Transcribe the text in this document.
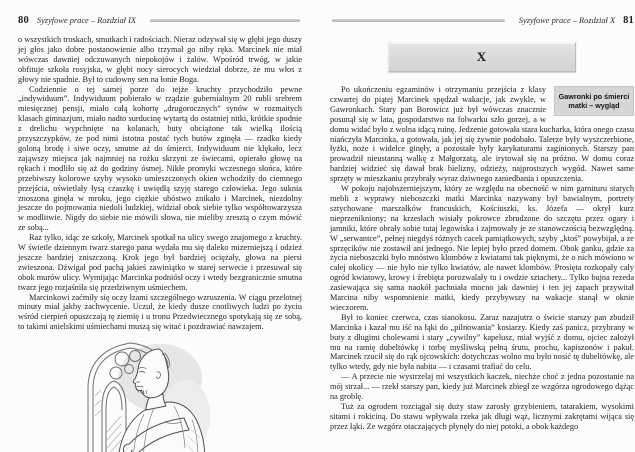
80 Syzyfowe prace – Rozdział IX

o wszystkich troskach, smutkach i radościach. Nieraz odzywał się w głębi jego duszy jej głos jako dobre postanowienie albo trzymał go niby ręka. Marcinek nie miał wówczas dawniej odczuwanych niepokojów i żalów. Wpośród trwóg, w jakie obfituje szkoła rosyjska, w głębi nocy sierocych wiedział dobrze, że mu włos z głowy nie spadnie. Był to cudowny sen na łonie Boga.

Codziennie o tej samej porze do tejże kruchty przychodziło pewne „indywiduum”. Indywiduum pobierało w rządzie gubernialnym 20 rubli srebrem miesięcznej pensji, miało całą kohortę „drugorocznych” synów w rozmaitych klasach gimnazjum, miało nadto surducinę wytartą do ostatniej nitki, krótkie spodnie z drelichu wypchnięte na kolanach, buty obciążone tak wielką ilością przyszczypków, że pod nimi istotna postać tych butów zginęła — rzadko kiedy goloną brodę i siwe oczy, smutne aż do śmierci. Indywiduum nie klękało, lecz zająwszy miejsca jak najmniej na rożku skrzyni ze świecami, opierało głowę na rękach i modliło się aż do godziny ósmej. Nikłe promyki wczesnego słońca, które przebiwszy kolorowe szyby wysoko umieszczonych okien wchodziły do ciemnego przejścia, oświetlały łysą czaszkę i uwiędłą szyję starego człowieka. Jego suknia znoszona ginęła w mroku, jego ciężkie ubóstwo znikało i Marcinek, niezdolny jeszcze do pojmowania niedoli ludzkiej, widział obok siebie tylko współtowarzysza w modlitwie. Nigdy do siebie nie mówili słowa, nie mieliby zresztą o czym mówić ze sobą...

Raz tylko, idąc ze szkoły, Marcinek spotkał na ulicy swego znajomego z kruchty. W świetle dziennym twarz starego pana wydała mu się daleko mizerniejszą i odzież jeszcze bardziej zniszczoną. Krok jego był bardziej ociężały, głowa na piersi zwieszona. Dźwigał pod pachą jakieś zawiniątko w starej serwecie i przesuwał się obok murów ulicy. Wymijając Marcinka podniósł oczy i wtedy bezgranicznie smutna twarz jego rozjaśniła się przedziwnym uśmiechem.

Marcinkowi zaćmiły się oczy łzami szczególnego wzruszenia. W ciągu przelotnej minuty miał jakby zachwycenie. Uczuł, że kiedy dusze cnotliwych ludzi po życiu wśród cierpień opuszczają tę ziemię i u tronu Przedwiecznego spotykają się ze sobą, to takimi anielskimi uśmiechami muszą się witać i pozdrawiać nawzajem.

Syzyfowe prace – Rozdział X 81
X
Gawronki po śmierci matki – wygląd

Po ukończeniu egzaminów i otrzymaniu przejścia z klasy czwartej do piątej Marcinek spędzał wakacje, jak zwykle, w Gawronkach. Stary pan Borowicz już był wówczas znacznie posunął się w lata, gospodarstwo na folwarku szło gorzej, a w domu widać było z wolna idącą ruinę. Jedzenie gotowała stara kucharka, która onego czasu niańczyła Marcinka, a gotowała, jak jej się żywnie podobało. Talerze były wyszczerbione, łyżki, noże i widelce ginęły, a pozostałe były karykaturami zaginionych. Starszy pan prowadził nieustanną walkę z Małgorzatą, ale irytował się na próżno. W domu coraz bardziej widzieć się dawał brak bielizny, odzieży, najprostszych wygód. Nawet same sprzęty w mieszkaniu przybrały wyraz dziwnego zaniedbania i opuszczenia.

W pokoju najobszerniejszym, który ze względu na obecność w nim garnituru starych mebli z wyprawy nieboszczki matki Marcinka nazywany był bawialnym, portrety sztychowane marszałków francuskich, Kościuszki, ks. Józefa — okrył kurz nieprzenikniony; na krzesłach wisiały pokrowce zbrudzone do szczętu przez ogary i jamniki, które obrały sobie tutaj legowiska i zajmowały je ze stanowczością bezwzględną. W „serwantce”, pełnej niegdyś różnych cacek pamiątkowych, szyby „ktoś” powybijał, a ze sprzęcików nie zostawił ani jednego. Nie lepiej było przed domem. Obok ganku, gdzie za życia nieboszczki było mnóstwo klombów z kwiatami tak pięknymi, że o nich mówiono w całej okolicy — nie było nie tylko kwiatów, ale nawet klombów. Prosięta rozkopały cały ogród kwiatowy, krowy i źrebięta porozwalały tu i owdzie sztachety... Tylko bujna rezeda zasiewająca się sama naokół pachniała mocno jak dawniej i ten jej zapach przywitał Marcina niby wspomnienie matki, kiedy przybywszy na wakacje stanął w oknie wieczorem.

Był to koniec czerwca, czas sianokosu. Zaraz nazajutrz o świcie starszy pan zbudził Marcinka i kazał mu iść na łąki do „pilnowania” kosiarzy. Kiedy zaś panicz, przybrany w buty z długimi cholewami i stary „cywilny” kapelusz, miał wyjść z domu, ojciec założył mu na ramię dubeltówkę i torbę myśliwską pełną śrutu, prochu, kapiszonów i pakuł. Marcinek rzucił się do rąk ojcowskich: dotychczas wolno mu było nosić tę dubeltówkę, ale tylko wtedy, gdy nie była nabita — i czasami trafiać do celu.

— A przecie nie wystrzelaj mi wszystkich kaczek, niechże choć z jedna pozostanie na mój strzał... — rzekł starszy pan, kiedy już Marcinek zbiegł ze wzgórza ogrodowego dążąc na groblę.

Tuż za ogrodem rozciągał się duży staw zarosły grzybieniem, tatarakiem, wysokimi sitami i rokiciną. Do stawu wpływała rzeka jak długi wąż, licznymi zakrętami wijąca się przez łąki. Ze wzgórz otaczających płynęły do niej potoki, a obok każdego
